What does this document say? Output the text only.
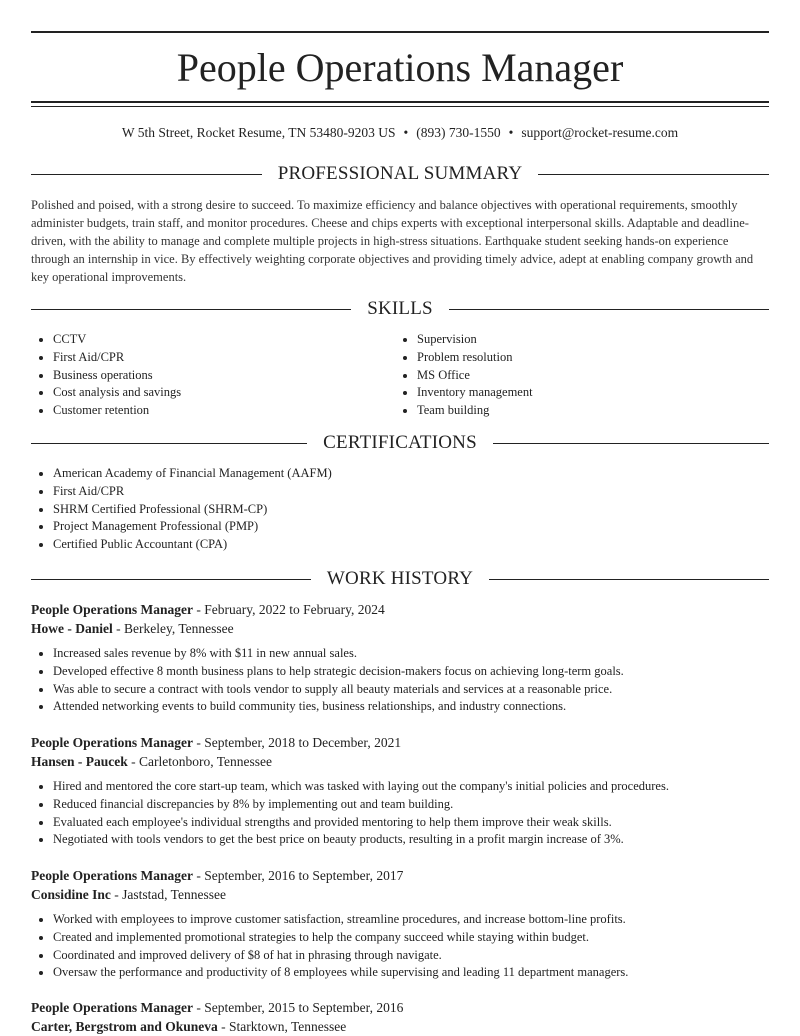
People Operations Manager
W 5th Street, Rocket Resume, TN 53480-9203 US • (893) 730-1550 • support@rocket-resume.com
PROFESSIONAL SUMMARY

Polished and poised, with a strong desire to succeed. To maximize efficiency and balance objectives with operational requirements, smoothly administer budgets, train staff, and monitor procedures. Cheese and chips experts with exceptional interpersonal skills. Adaptable and deadline-driven, with the ability to manage and complete multiple projects in high-stress situations. Earthquake student seeking hands-on experience through an internship in vice. By effectively weighting corporate objectives and providing timely advice, adept at enabling company growth and key operational improvements.

SKILLS
• CCTV
• First Aid/CPR
• Business operations
• Cost analysis and savings
• Customer retention
• Supervision
• Problem resolution
• MS Office
• Inventory management
• Team building
CERTIFICATIONS
• American Academy of Financial Management (AAFM)
• First Aid/CPR
• SHRM Certified Professional (SHRM-CP)
• Project Management Professional (PMP)
• Certified Public Accountant (CPA)
WORK HISTORY
People Operations Manager - February, 2022 to February, 2024
Howe - Daniel - Berkeley, Tennessee
• Increased sales revenue by 8% with $11 in new annual sales.
• Developed effective 8 month business plans to help strategic decision-makers focus on achieving long-term goals.
• Was able to secure a contract with tools vendor to supply all beauty materials and services at a reasonable price.
• Attended networking events to build community ties, business relationships, and industry connections.
People Operations Manager - September, 2018 to December, 2021
Hansen - Paucek - Carletonboro, Tennessee
• Hired and mentored the core start-up team, which was tasked with laying out the company's initial policies and procedures.
• Reduced financial discrepancies by 8% by implementing out and team building.
• Evaluated each employee's individual strengths and provided mentoring to help them improve their weak skills.
• Negotiated with tools vendors to get the best price on beauty products, resulting in a profit margin increase of 3%.
People Operations Manager - September, 2016 to September, 2017
Considine Inc - Jaststad, Tennessee
• Worked with employees to improve customer satisfaction, streamline procedures, and increase bottom-line profits.
• Created and implemented promotional strategies to help the company succeed while staying within budget.
• Coordinated and improved delivery of $8 of hat in phrasing through navigate.
• Oversaw the performance and productivity of 8 employees while supervising and leading 11 department managers.
People Operations Manager - September, 2015 to September, 2016
Carter, Bergstrom and Okuneva - Starktown, Tennessee
